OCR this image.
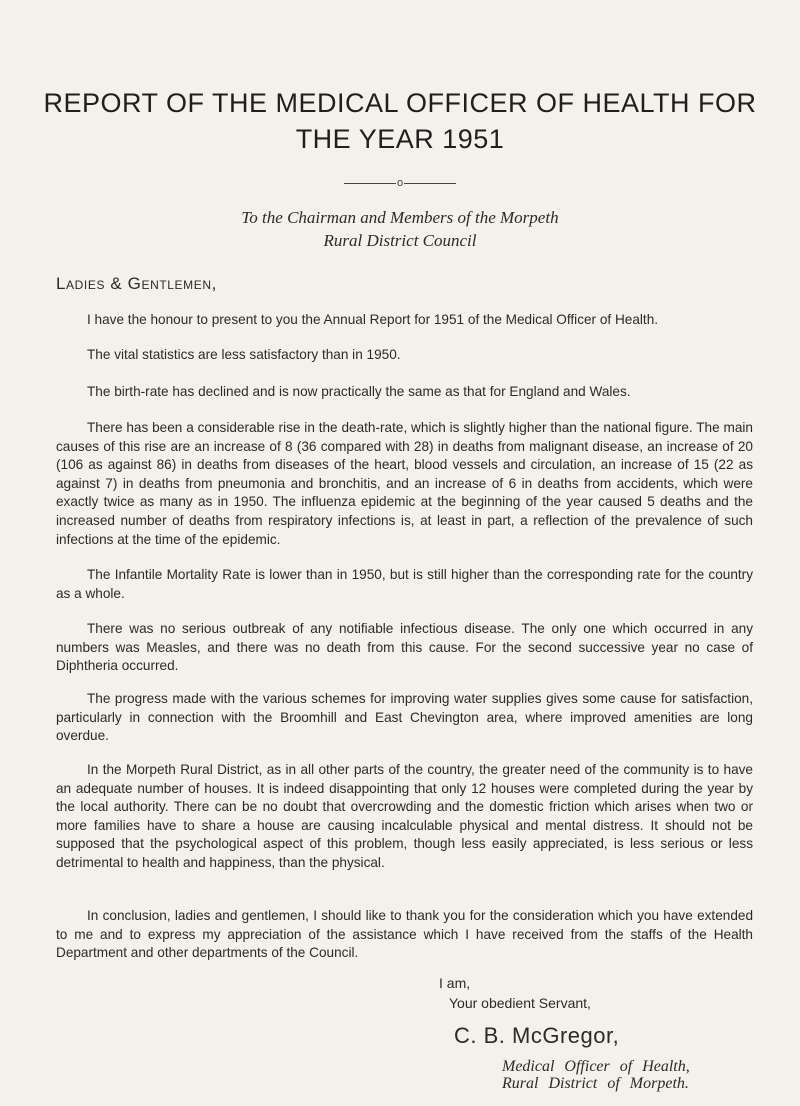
REPORT OF THE MEDICAL OFFICER OF HEALTH FOR
THE YEAR 1951
o
To the Chairman and Members of the Morpeth
Rural District Council
Ladies & Gentlemen,

I have the honour to present to you the Annual Report for 1951 of the Medical Officer of Health.

The vital statistics are less satisfactory than in 1950.

The birth-rate has declined and is now practically the same as that for England and Wales.

There has been a considerable rise in the death-rate, which is slightly higher than the national figure. The main causes of this rise are an increase of 8 (36 compared with 28) in deaths from malignant disease, an increase of 20 (106 as against 86) in deaths from diseases of the heart, blood vessels and circulation, an increase of 15 (22 as against 7) in deaths from pneumonia and bronchitis, and an increase of 6 in deaths from accidents, which were exactly twice as many as in 1950. The influenza epidemic at the beginning of the year caused 5 deaths and the increased number of deaths from respiratory infections is, at least in part, a reflection of the prevalence of such infections at the time of the epidemic.

The Infantile Mortality Rate is lower than in 1950, but is still higher than the corresponding rate for the country as a whole.

There was no serious outbreak of any notifiable infectious disease. The only one which occurred in any numbers was Measles, and there was no death from this cause. For the second successive year no case of Diphtheria occurred.

The progress made with the various schemes for improving water supplies gives some cause for satisfaction, particularly in connection with the Broomhill and East Chevington area, where improved amenities are long overdue.

In the Morpeth Rural District, as in all other parts of the country, the greater need of the community is to have an adequate number of houses. It is indeed disappointing that only 12 houses were completed during the year by the local authority. There can be no doubt that overcrowding and the domestic friction which arises when two or more families have to share a house are causing incalculable physical and mental distress. It should not be supposed that the psychological aspect of this problem, though less easily appreciated, is less serious or less detrimental to health and happiness, than the physical.

In conclusion, ladies and gentlemen, I should like to thank you for the consideration which you have extended to me and to express my appreciation of the assistance which I have received from the staffs of the Health Department and other departments of the Council.

I am,
Your obedient Servant,
C. B. McGregor,
Medical Officer of Health,
Rural District of Morpeth.
